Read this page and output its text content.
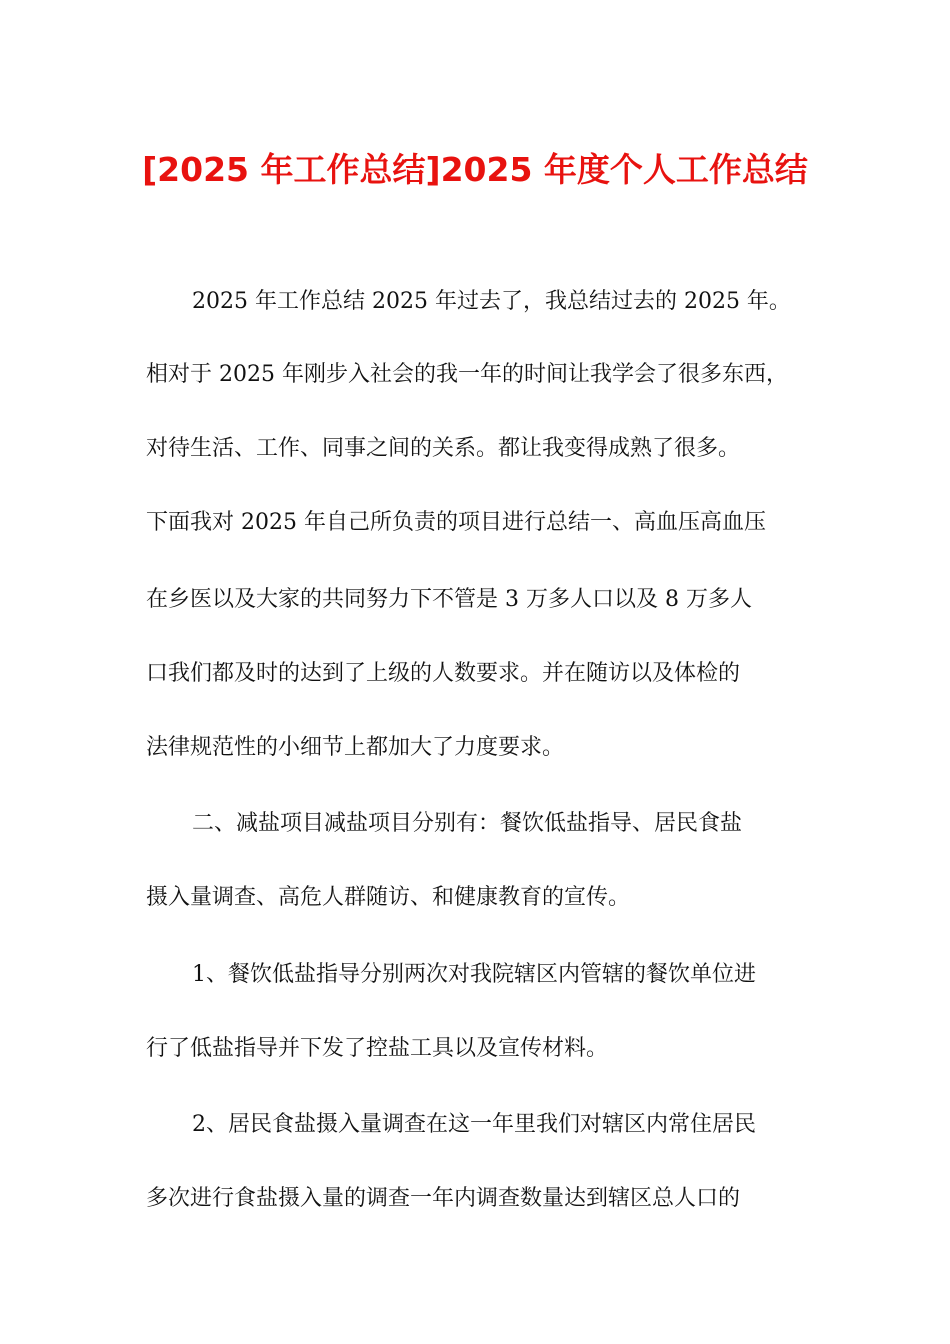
[2025 年工作总结]2025 年度个人工作总结
2025 年工作总结 2025 年过去了，我总结过去的 2025 年。
相对于 2025 年刚步入社会的我一年的时间让我学会了很多东西，
对待生活、工作、同事之间的关系。都让我变得成熟了很多。
下面我对 2025 年自己所负责的项目进行总结一、高血压高血压
在乡医以及大家的共同努力下不管是 3 万多人口以及 8 万多人
口我们都及时的达到了上级的人数要求。并在随访以及体检的
法律规范性的小细节上都加大了力度要求。
二、减盐项目减盐项目分别有：餐饮低盐指导、居民食盐
摄入量调查、高危人群随访、和健康教育的宣传。
1、餐饮低盐指导分别两次对我院辖区内管辖的餐饮单位进
行了低盐指导并下发了控盐工具以及宣传材料。
2、居民食盐摄入量调查在这一年里我们对辖区内常住居民
多次进行食盐摄入量的调查一年内调查数量达到辖区总人口的
